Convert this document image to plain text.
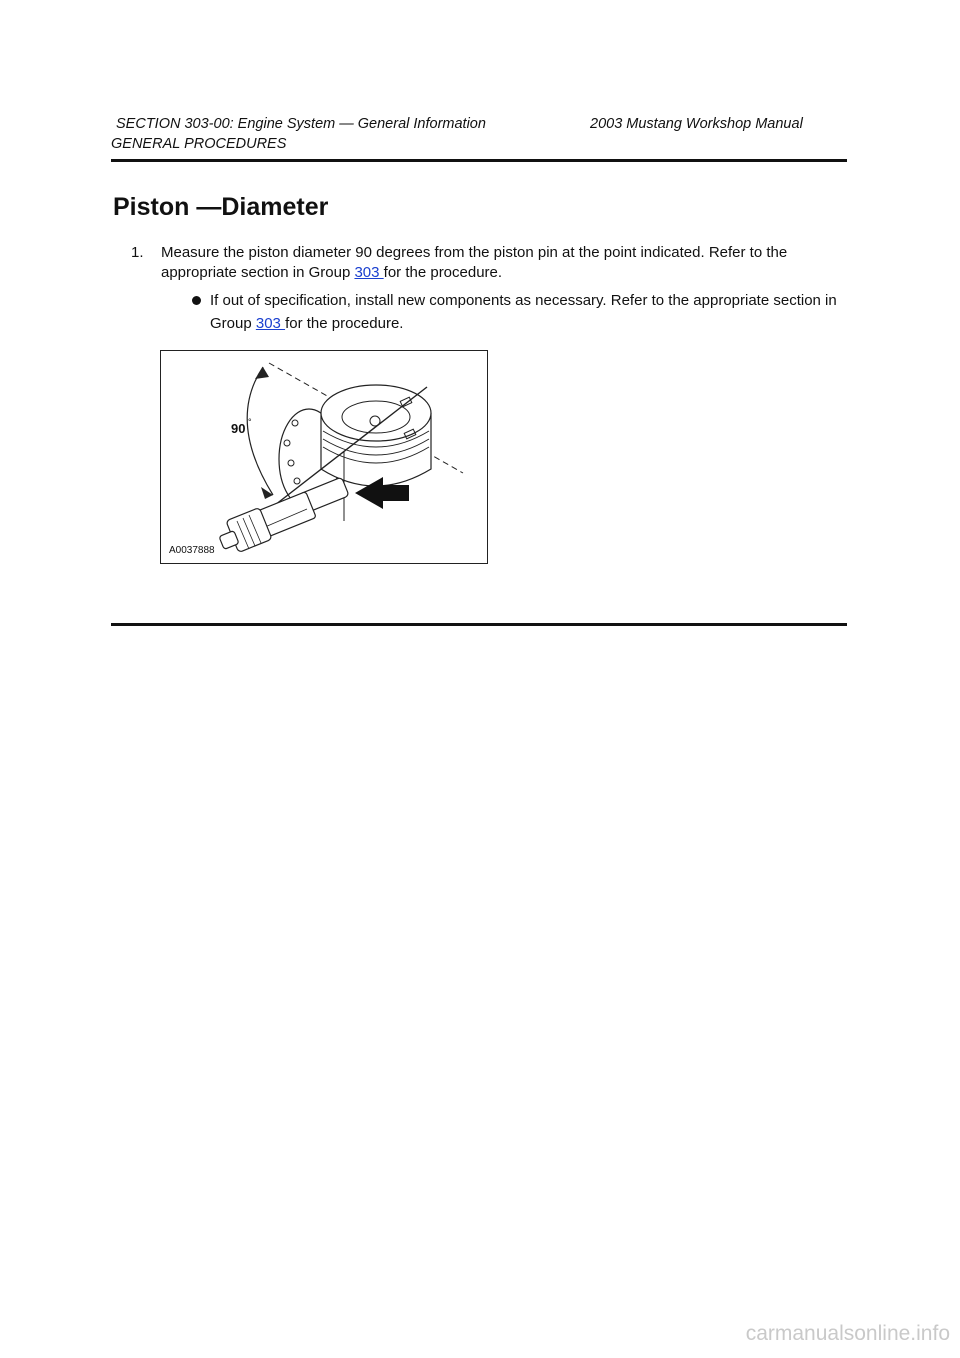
SECTION 303-00: Engine System — General Information	2003 Mustang Workshop Manual
GENERAL PROCEDURES
Piston —Diameter
1. Measure the piston diameter 90 degrees from the piston pin at the point indicated. Refer to the appropriate section in Group 303 for the procedure.
If out of specification, install new components as necessary. Refer to the appropriate section in Group 303 for the procedure.
90 °
A0037888
carmanualsonline.info
